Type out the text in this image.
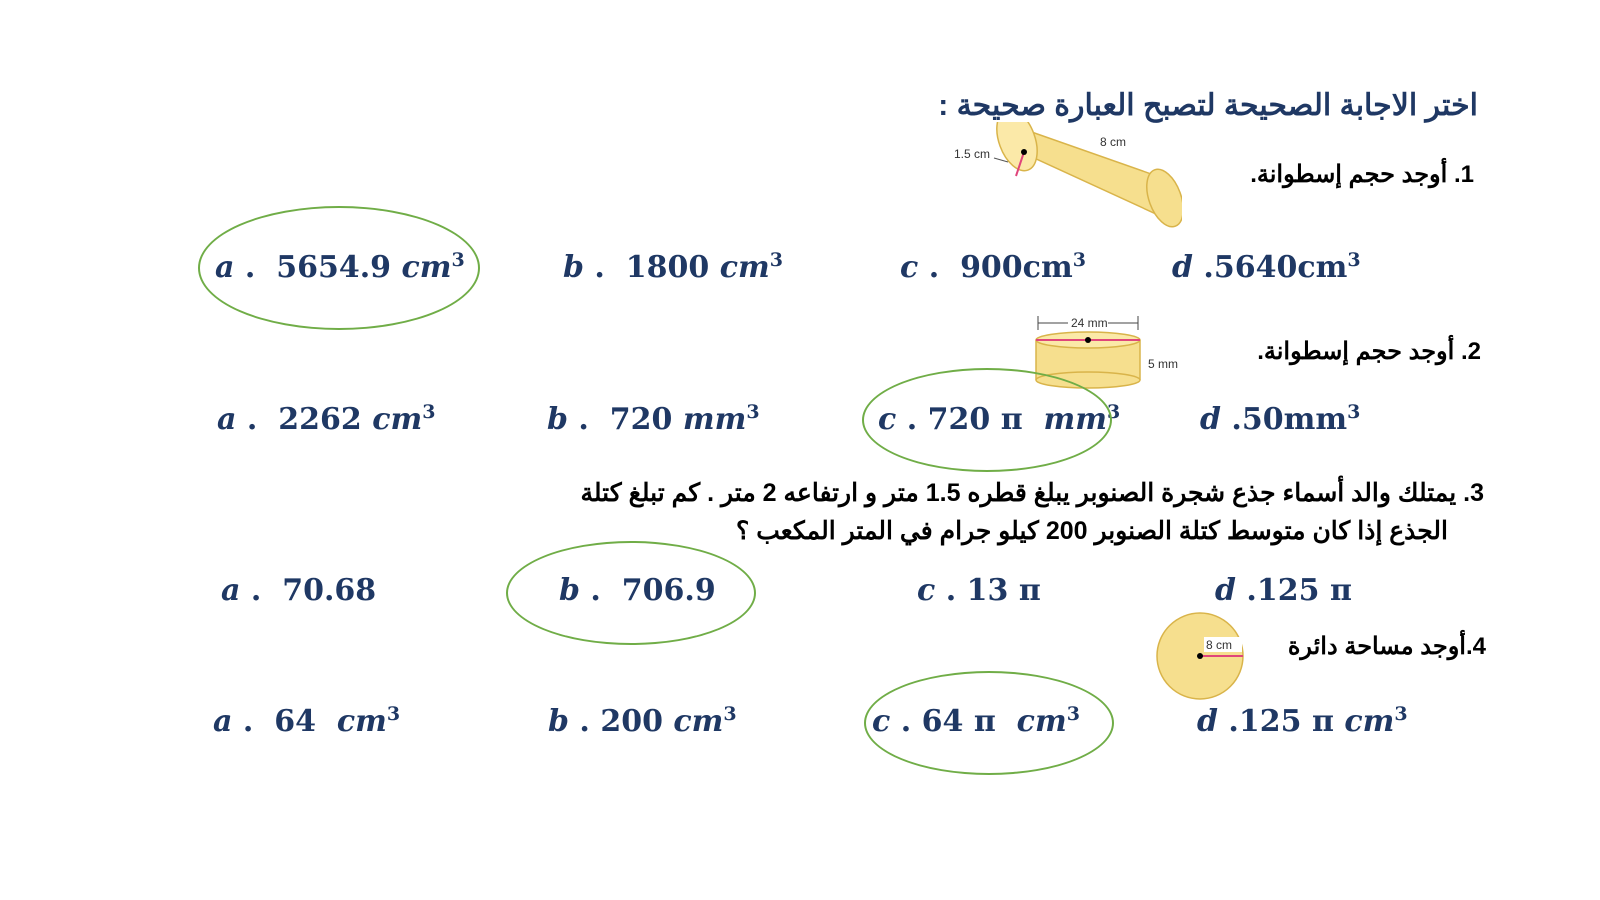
اختر الاجابة الصحيحة لتصبح العبارة صحيحة :
1. أوجد حجم إسطوانة.
1.5 cm
8 cm
a .  5654.9 $cm^3$	b .  1800 $cm^3$	c .  $900cm^3$	d $.5640cm^3$
2. أوجد حجم إسطوانة.
24 mm
5 mm
a .  2262 $cm^3$	b .  720 $mm^3$	c . 720 π $mm^3$	d $.50mm^3$
3. يمتلك والد أسماء جذع شجرة الصنوبر يبلغ قطره 1.5 متر و ارتفاعه 2 متر . كم تبلغ كتلة
الجذع إذا كان متوسط كتلة الصنوبر 200 كيلو جرام في المتر المكعب ؟
a .  70.68	b .  706.9	c . 13 π	d .125 π
4.أوجد مساحة دائرة
8 cm
a .  64 $cm^3$	b . 200 $cm^3$	c . 64 π $cm^3$	d .125 π $cm^3$
